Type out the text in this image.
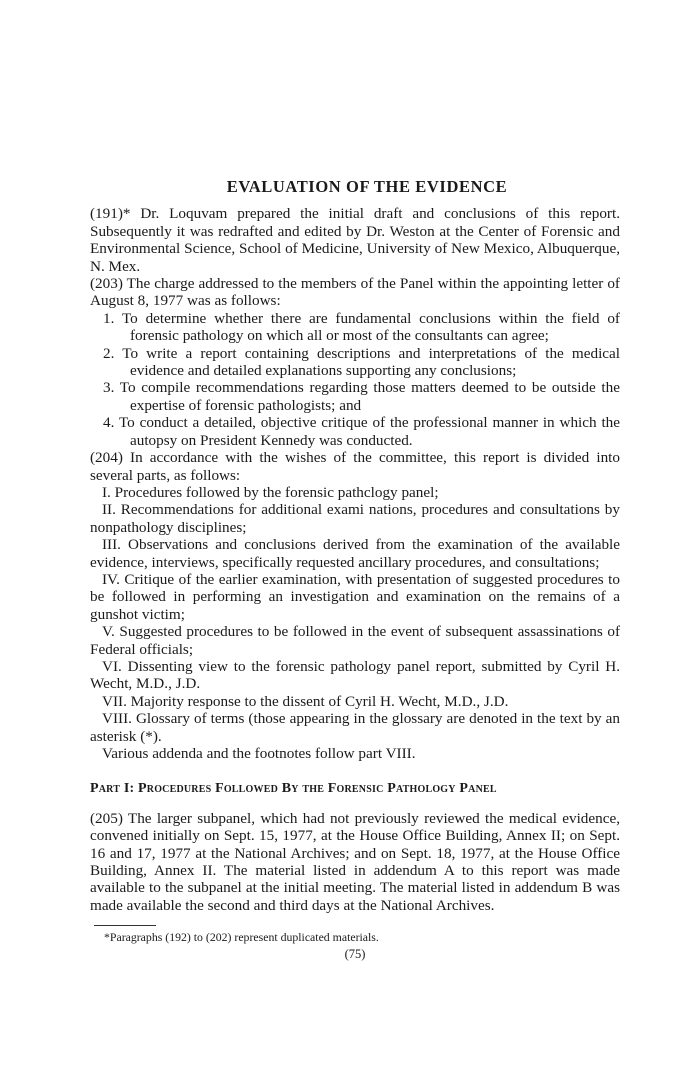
EVALUATION OF THE EVIDENCE

(191)* Dr. Loquvam prepared the initial draft and conclusions of this report. Subsequently it was redrafted and edited by Dr. Weston at the Center of Forensic and Environmental Science, School of Medicine, University of New Mexico, Albuquerque, N. Mex.

(203) The charge addressed to the members of the Panel within the appointing letter of August 8, 1977 was as follows:

1. To determine whether there are fundamental conclusions within the field of forensic pathology on which all or most of the consultants can agree;
2. To write a report containing descriptions and interpretations of the medical evidence and detailed explanations supporting any conclusions;
3. To compile recommendations regarding those matters deemed to be outside the expertise of forensic pathologists; and
4. To conduct a detailed, objective critique of the professional manner in which the autopsy on President Kennedy was conducted.

(204) In accordance with the wishes of the committee, this report is divided into several parts, as follows:

I. Procedures followed by the forensic pathclogy panel;

II. Recommendations for additional exami nations, procedures and consultations by nonpathology disciplines;

III. Observations and conclusions derived from the examination of the available evidence, interviews, specifically requested ancillary procedures, and consultations;

IV. Critique of the earlier examination, with presentation of suggested procedures to be followed in performing an investigation and examination on the remains of a gunshot victim;

V. Suggested procedures to be followed in the event of subsequent assassinations of Federal officials;

VI. Dissenting view to the forensic pathology panel report, submitted by Cyril H. Wecht, M.D., J.D.

VII. Majority response to the dissent of Cyril H. Wecht, M.D., J.D.

VIII. Glossary of terms (those appearing in the glossary are denoted in the text by an asterisk (*).

Various addenda and the footnotes follow part VIII.

Part I: Procedures Followed By the Forensic Pathology Panel

(205) The larger subpanel, which had not previously reviewed the medical evidence, convened initially on Sept. 15, 1977, at the House Office Building, Annex II; on Sept. 16 and 17, 1977 at the National Archives; and on Sept. 18, 1977, at the House Office Building, Annex II. The material listed in addendum A to this report was made available to the subpanel at the initial meeting. The material listed in addendum B was made available the second and third days at the National Archives.

*Paragraphs (192) to (202) represent duplicated materials.

(75)
